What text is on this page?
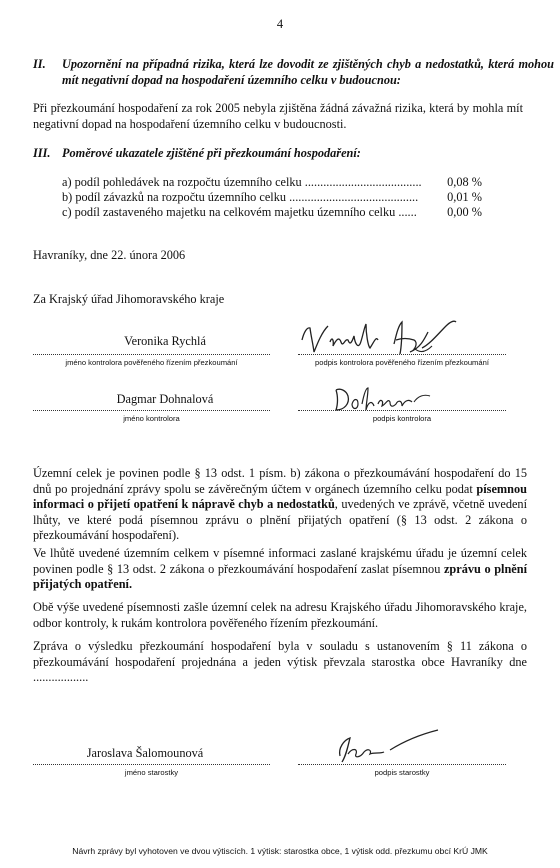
4
II. Upozornění na případná rizika, která lze dovodit ze zjištěných chyb a nedostatků, která mohou mít negativní dopad na hospodaření územního celku v budoucnou:
Při přezkoumání hospodaření za rok 2005 nebyla zjištěna žádná závažná rizika, která by mohla mít negativní dopad na hospodaření územního celku v budoucnosti.
III. Poměrové ukazatele zjištěné při přezkoumání hospodaření:
a) podíl pohledávek na rozpočtu územního celku ...................................... 0,08 %
b) podíl závazků na rozpočtu územního celku .......................................... 0,01 %
c) podíl zastaveného majetku na celkovém majetku územního celku ...... 0,00 %
Havraníky, dne 22. února 2006
Za Krajský úřad Jihomoravského kraje
Veronika Rychlá
jméno kontrolora pověřeného řízením přezkoumání	podpis kontrolora pověřeného řízením přezkoumání
Dagmar Dohnalová
jméno kontrolora	podpis kontrolora
Územní celek je povinen podle § 13 odst. 1 písm. b) zákona o přezkoumávání hospodaření do 15 dnů po projednání zprávy spolu se závěrečným účtem v orgánech územního celku podat písemnou informaci o přijetí opatření k nápravě chyb a nedostatků, uvedených ve zprávě, včetně uvedení lhůty, ve které podá písemnou zprávu o plnění přijatých opatření (§ 13 odst. 2 zákona o přezkoumávání hospodaření).
Ve lhůtě uvedené územním celkem v písemné informaci zaslané krajskému úřadu je územní celek povinen podle § 13 odst. 2 zákona o přezkoumávání hospodaření zaslat písemnou zprávu o plnění přijatých opatření.
Obě výše uvedené písemnosti zašle územní celek na adresu Krajského úřadu Jihomoravského kraje, odbor kontroly, k rukám kontrolora pověřeného řízením přezkoumání.
Zpráva o výsledku přezkoumání hospodaření byla v souladu s ustanovením § 11 zákona o přezkoumávání hospodaření projednána a jeden výtisk převzala starostka obce Havraníky dne ..................
Jaroslava Šalomounová
jméno starostky	podpis starostky
Návrh zprávy byl vyhotoven ve dvou výtiscích. 1 výtisk: starostka obce, 1 výtisk odd. přezkumu obcí KrÚ JMK
